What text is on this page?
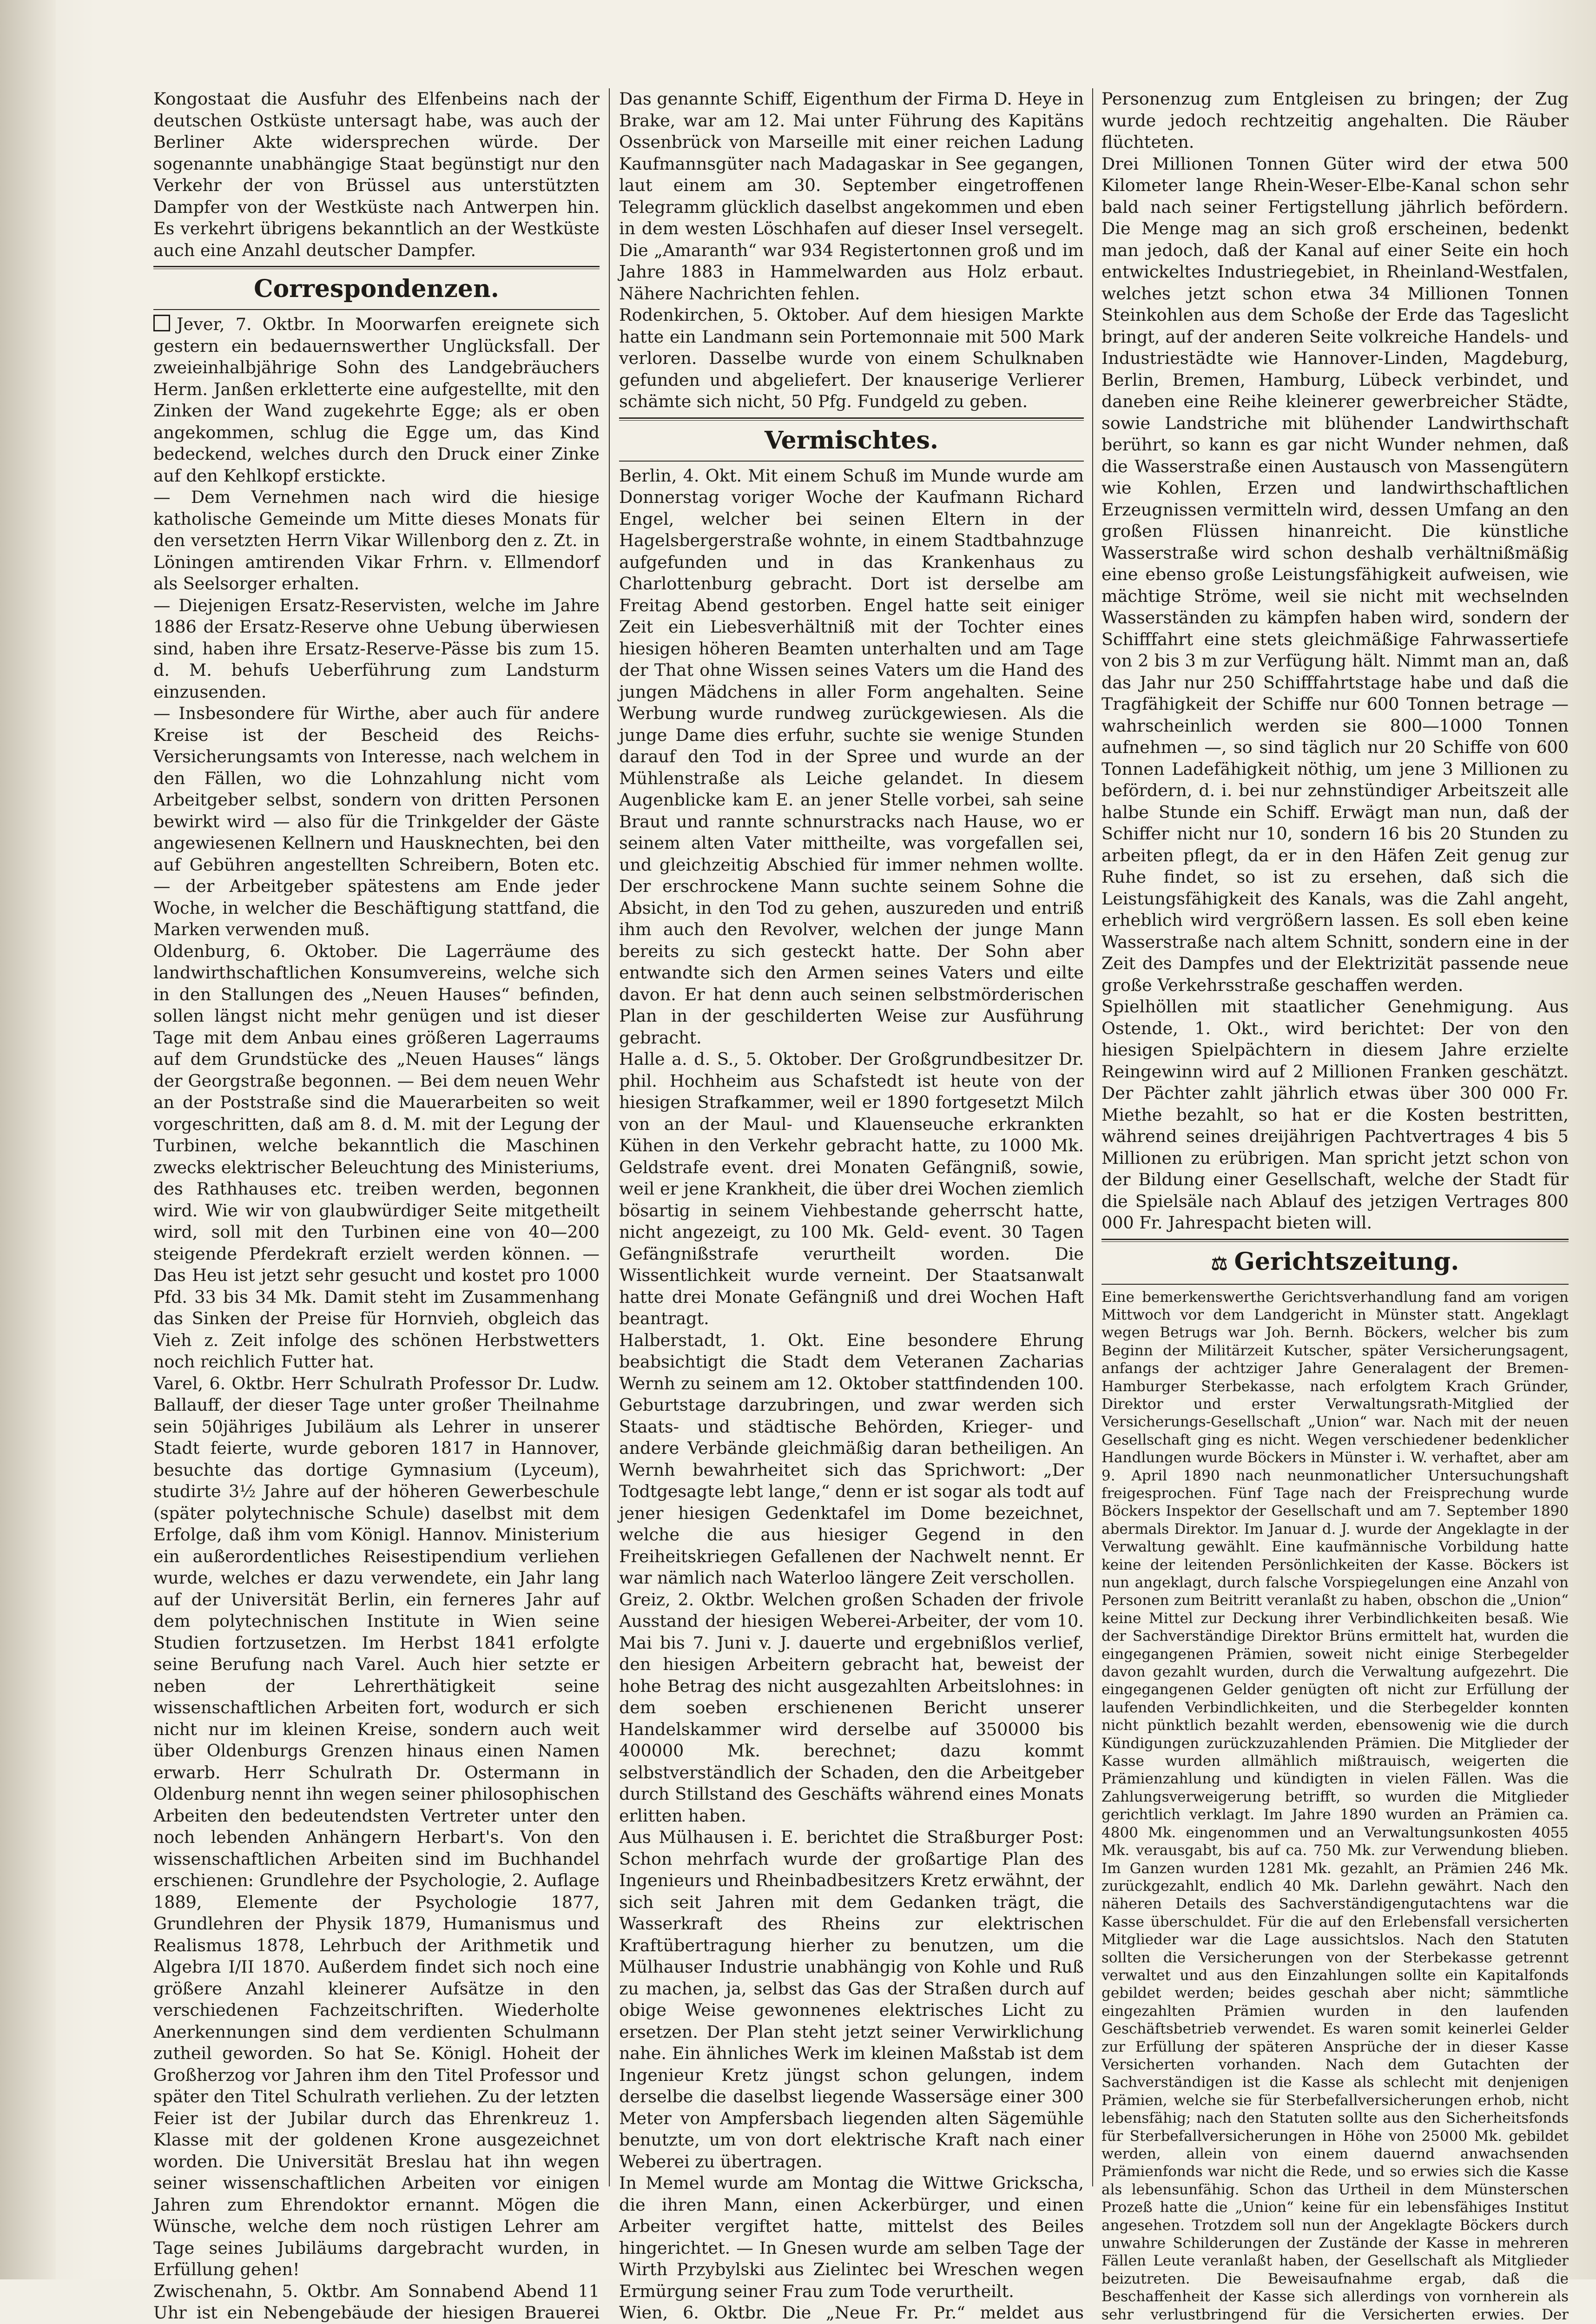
Kongostaat die Ausfuhr des Elfenbeins nach der deutschen Ostküste untersagt habe, was auch der Berliner Akte widersprechen würde. Der sogenannte unabhängige Staat begünstigt nur den Verkehr der von Brüssel aus unterstützten Dampfer von der Westküste nach Antwerpen hin. Es verkehrt übrigens bekanntlich an der Westküste auch eine Anzahl deutscher Dampfer.

Correspondenzen.

Jever, 7. Oktbr. In Moorwarfen ereignete sich gestern ein bedauernswerther Unglücksfall. Der zweieinhalbjährige Sohn des Landgebräuchers Herm. Janßen erkletterte eine aufgestellte, mit den Zinken der Wand zugekehrte Egge; als er oben angekommen, schlug die Egge um, das Kind bedeckend, welches durch den Druck einer Zinke auf den Kehlkopf erstickte.

— Dem Vernehmen nach wird die hiesige katholische Gemeinde um Mitte dieses Monats für den versetzten Herrn Vikar Willenborg den z. Zt. in Löningen amtirenden Vikar Frhrn. v. Ellmendorf als Seelsorger erhalten.

— Diejenigen Ersatz-Reservisten, welche im Jahre 1886 der Ersatz-Reserve ohne Uebung überwiesen sind, haben ihre Ersatz-Reserve-Pässe bis zum 15. d. M. behufs Ueberführung zum Landsturm einzusenden.

— Insbesondere für Wirthe, aber auch für andere Kreise ist der Bescheid des Reichs-Versicherungsamts von Interesse, nach welchem in den Fällen, wo die Lohnzahlung nicht vom Arbeitgeber selbst, sondern von dritten Personen bewirkt wird — also für die Trinkgelder der Gäste angewiesenen Kellnern und Hausknechten, bei den auf Gebühren angestellten Schreibern, Boten etc. — der Arbeitgeber spätestens am Ende jeder Woche, in welcher die Beschäftigung stattfand, die Marken verwenden muß.

Oldenburg, 6. Oktober. Die Lagerräume des landwirthschaftlichen Konsumvereins, welche sich in den Stallungen des „Neuen Hauses“ befinden, sollen längst nicht mehr genügen und ist dieser Tage mit dem Anbau eines größeren Lagerraums auf dem Grundstücke des „Neuen Hauses“ längs der Georgstraße begonnen. — Bei dem neuen Wehr an der Poststraße sind die Mauerarbeiten so weit vorgeschritten, daß am 8. d. M. mit der Legung der Turbinen, welche bekanntlich die Maschinen zwecks elektrischer Beleuchtung des Ministeriums, des Rathhauses etc. treiben werden, begonnen wird. Wie wir von glaubwürdiger Seite mitgetheilt wird, soll mit den Turbinen eine von 40—200 steigende Pferdekraft erzielt werden können. — Das Heu ist jetzt sehr gesucht und kostet pro 1000 Pfd. 33 bis 34 Mk. Damit steht im Zusammenhang das Sinken der Preise für Hornvieh, obgleich das Vieh z. Zeit infolge des schönen Herbstwetters noch reichlich Futter hat.

Varel, 6. Oktbr. Herr Schulrath Professor Dr. Ludw. Ballauff, der dieser Tage unter großer Theilnahme sein 50jähriges Jubiläum als Lehrer in unserer Stadt feierte, wurde geboren 1817 in Hannover, besuchte das dortige Gymnasium (Lyceum), studirte 3½ Jahre auf der höheren Gewerbeschule (später polytechnische Schule) daselbst mit dem Erfolge, daß ihm vom Königl. Hannov. Ministerium ein außerordentliches Reisestipendium verliehen wurde, welches er dazu verwendete, ein Jahr lang auf der Universität Berlin, ein ferneres Jahr auf dem polytechnischen Institute in Wien seine Studien fortzusetzen. Im Herbst 1841 erfolgte seine Berufung nach Varel. Auch hier setzte er neben der Lehrerthätigkeit seine wissenschaftlichen Arbeiten fort, wodurch er sich nicht nur im kleinen Kreise, sondern auch weit über Oldenburgs Grenzen hinaus einen Namen erwarb. Herr Schulrath Dr. Ostermann in Oldenburg nennt ihn wegen seiner philosophischen Arbeiten den bedeutendsten Vertreter unter den noch lebenden Anhängern Herbart's. Von den wissenschaftlichen Arbeiten sind im Buchhandel erschienen: Grundlehre der Psychologie, 2. Auflage 1889, Elemente der Psychologie 1877, Grundlehren der Physik 1879, Humanismus und Realismus 1878, Lehrbuch der Arithmetik und Algebra I/II 1870. Außerdem findet sich noch eine größere Anzahl kleinerer Aufsätze in den verschiedenen Fachzeitschriften. Wiederholte Anerkennungen sind dem verdienten Schulmann zutheil geworden. So hat Se. Königl. Hoheit der Großherzog vor Jahren ihm den Titel Professor und später den Titel Schulrath verliehen. Zu der letzten Feier ist der Jubilar durch das Ehrenkreuz 1. Klasse mit der goldenen Krone ausgezeichnet worden. Die Universität Breslau hat ihn wegen seiner wissenschaftlichen Arbeiten vor einigen Jahren zum Ehrendoktor ernannt. Mögen die Wünsche, welche dem noch rüstigen Lehrer am Tage seines Jubiläums dargebracht wurden, in Erfüllung gehen!

Zwischenahn, 5. Oktbr. Am Sonnabend Abend 11 Uhr ist ein Nebengebäude der hiesigen Brauerei

Das genannte Schiff, Eigenthum der Firma D. Heye in Brake, war am 12. Mai unter Führung des Kapitäns Ossenbrück von Marseille mit einer reichen Ladung Kaufmannsgüter nach Madagaskar in See gegangen, laut einem am 30. September eingetroffenen Telegramm glücklich daselbst angekommen und eben in dem westen Löschhafen auf dieser Insel versegelt. Die „Amaranth“ war 934 Registertonnen groß und im Jahre 1883 in Hammelwarden aus Holz erbaut. Nähere Nachrichten fehlen.

Rodenkirchen, 5. Oktober. Auf dem hiesigen Markte hatte ein Landmann sein Portemonnaie mit 500 Mark verloren. Dasselbe wurde von einem Schulknaben gefunden und abgeliefert. Der knauserige Verlierer schämte sich nicht, 50 Pfg. Fundgeld zu geben.

Vermischtes.

Berlin, 4. Okt. Mit einem Schuß im Munde wurde am Donnerstag voriger Woche der Kaufmann Richard Engel, welcher bei seinen Eltern in der Hagelsbergerstraße wohnte, in einem Stadtbahnzuge aufgefunden und in das Krankenhaus zu Charlottenburg gebracht. Dort ist derselbe am Freitag Abend gestorben. Engel hatte seit einiger Zeit ein Liebesverhältniß mit der Tochter eines hiesigen höheren Beamten unterhalten und am Tage der That ohne Wissen seines Vaters um die Hand des jungen Mädchens in aller Form angehalten. Seine Werbung wurde rundweg zurückgewiesen. Als die junge Dame dies erfuhr, suchte sie wenige Stunden darauf den Tod in der Spree und wurde an der Mühlenstraße als Leiche gelandet. In diesem Augenblicke kam E. an jener Stelle vorbei, sah seine Braut und rannte schnurstracks nach Hause, wo er seinem alten Vater mittheilte, was vorgefallen sei, und gleichzeitig Abschied für immer nehmen wollte. Der erschrockene Mann suchte seinem Sohne die Absicht, in den Tod zu gehen, auszureden und entriß ihm auch den Revolver, welchen der junge Mann bereits zu sich gesteckt hatte. Der Sohn aber entwandte sich den Armen seines Vaters und eilte davon. Er hat denn auch seinen selbstmörderischen Plan in der geschilderten Weise zur Ausführung gebracht.

Halle a. d. S., 5. Oktober. Der Großgrundbesitzer Dr. phil. Hochheim aus Schafstedt ist heute von der hiesigen Strafkammer, weil er 1890 fortgesetzt Milch von an der Maul- und Klauenseuche erkrankten Kühen in den Verkehr gebracht hatte, zu 1000 Mk. Geldstrafe event. drei Monaten Gefängniß, sowie, weil er jene Krankheit, die über drei Wochen ziemlich bösartig in seinem Viehbestande geherrscht hatte, nicht angezeigt, zu 100 Mk. Geld- event. 30 Tagen Gefängnißstrafe verurtheilt worden. Die Wissentlichkeit wurde verneint. Der Staatsanwalt hatte drei Monate Gefängniß und drei Wochen Haft beantragt.

Halberstadt, 1. Okt. Eine besondere Ehrung beabsichtigt die Stadt dem Veteranen Zacharias Wernh zu seinem am 12. Oktober stattfindenden 100. Geburtstage darzubringen, und zwar werden sich Staats- und städtische Behörden, Krieger- und andere Verbände gleichmäßig daran betheiligen. An Wernh bewahrheitet sich das Sprichwort: „Der Todtgesagte lebt lange,“ denn er ist sogar als todt auf jener hiesigen Gedenktafel im Dome bezeichnet, welche die aus hiesiger Gegend in den Freiheitskriegen Gefallenen der Nachwelt nennt. Er war nämlich nach Waterloo längere Zeit verschollen.

Greiz, 2. Oktbr. Welchen großen Schaden der frivole Ausstand der hiesigen Weberei-Arbeiter, der vom 10. Mai bis 7. Juni v. J. dauerte und ergebnißlos verlief, den hiesigen Arbeitern gebracht hat, beweist der hohe Betrag des nicht ausgezahlten Arbeitslohnes: in dem soeben erschienenen Bericht unserer Handelskammer wird derselbe auf 350000 bis 400000 Mk. berechnet; dazu kommt selbstverständlich der Schaden, den die Arbeitgeber durch Stillstand des Geschäfts während eines Monats erlitten haben.

Aus Mülhausen i. E. berichtet die Straßburger Post: Schon mehrfach wurde der großartige Plan des Ingenieurs und Rheinbadbesitzers Kretz erwähnt, der sich seit Jahren mit dem Gedanken trägt, die Wasserkraft des Rheins zur elektrischen Kraftübertragung hierher zu benutzen, um die Mülhauser Industrie unabhängig von Kohle und Ruß zu machen, ja, selbst das Gas der Straßen durch auf obige Weise gewonnenes elektrisches Licht zu ersetzen. Der Plan steht jetzt seiner Verwirklichung nahe. Ein ähnliches Werk im kleinen Maßstab ist dem Ingenieur Kretz jüngst schon gelungen, indem derselbe die daselbst liegende Wassersäge einer 300 Meter von Ampfersbach liegenden alten Sägemühle benutzte, um von dort elektrische Kraft nach einer Weberei zu übertragen.

In Memel wurde am Montag die Wittwe Grickscha, die ihren Mann, einen Ackerbürger, und einen Arbeiter vergiftet hatte, mittelst des Beiles hingerichtet. — In Gnesen wurde am selben Tage der Wirth Przybylski aus Zielintec bei Wreschen wegen Ermürgung seiner Frau zum Tode verurtheilt.

Wien, 6. Oktbr. Die „Neue Fr. Pr.“ meldet aus

Personenzug zum Entgleisen zu bringen; der Zug wurde jedoch rechtzeitig angehalten. Die Räuber flüchteten.

Drei Millionen Tonnen Güter wird der etwa 500 Kilometer lange Rhein-Weser-Elbe-Kanal schon sehr bald nach seiner Fertigstellung jährlich befördern. Die Menge mag an sich groß erscheinen, bedenkt man jedoch, daß der Kanal auf einer Seite ein hoch entwickeltes Industriegebiet, in Rheinland-Westfalen, welches jetzt schon etwa 34 Millionen Tonnen Steinkohlen aus dem Schoße der Erde das Tageslicht bringt, auf der anderen Seite volkreiche Handels- und Industriestädte wie Hannover-Linden, Magdeburg, Berlin, Bremen, Hamburg, Lübeck verbindet, und daneben eine Reihe kleinerer gewerbreicher Städte, sowie Landstriche mit blühender Landwirthschaft berührt, so kann es gar nicht Wunder nehmen, daß die Wasserstraße einen Austausch von Massengütern wie Kohlen, Erzen und landwirthschaftlichen Erzeugnissen vermitteln wird, dessen Umfang an den großen Flüssen hinanreicht. Die künstliche Wasserstraße wird schon deshalb verhältnißmäßig eine ebenso große Leistungsfähigkeit aufweisen, wie mächtige Ströme, weil sie nicht mit wechselnden Wasserständen zu kämpfen haben wird, sondern der Schifffahrt eine stets gleichmäßige Fahrwassertiefe von 2 bis 3 m zur Verfügung hält. Nimmt man an, daß das Jahr nur 250 Schifffahrtstage habe und daß die Tragfähigkeit der Schiffe nur 600 Tonnen betrage — wahrscheinlich werden sie 800—1000 Tonnen aufnehmen —, so sind täglich nur 20 Schiffe von 600 Tonnen Ladefähigkeit nöthig, um jene 3 Millionen zu befördern, d. i. bei nur zehnstündiger Arbeitszeit alle halbe Stunde ein Schiff. Erwägt man nun, daß der Schiffer nicht nur 10, sondern 16 bis 20 Stunden zu arbeiten pflegt, da er in den Häfen Zeit genug zur Ruhe findet, so ist zu ersehen, daß sich die Leistungsfähigkeit des Kanals, was die Zahl angeht, erheblich wird vergrößern lassen. Es soll eben keine Wasserstraße nach altem Schnitt, sondern eine in der Zeit des Dampfes und der Elektrizität passende neue große Verkehrsstraße geschaffen werden.

Spielhöllen mit staatlicher Genehmigung. Aus Ostende, 1. Okt., wird berichtet: Der von den hiesigen Spielpächtern in diesem Jahre erzielte Reingewinn wird auf 2 Millionen Franken geschätzt. Der Pächter zahlt jährlich etwas über 300 000 Fr. Miethe bezahlt, so hat er die Kosten bestritten, während seines dreijährigen Pachtvertrages 4 bis 5 Millionen zu erübrigen. Man spricht jetzt schon von der Bildung einer Gesellschaft, welche der Stadt für die Spielsäle nach Ablauf des jetzigen Vertrages 800 000 Fr. Jahrespacht bieten will.

⚖ Gerichtszeitung.

Eine bemerkenswerthe Gerichtsverhandlung fand am vorigen Mittwoch vor dem Landgericht in Münster statt. Angeklagt wegen Betrugs war Joh. Bernh. Böckers, welcher bis zum Beginn der Militärzeit Kutscher, später Versicherungsagent, anfangs der achtziger Jahre Generalagent der Bremen-Hamburger Sterbekasse, nach erfolgtem Krach Gründer, Direktor und erster Verwaltungsrath-Mitglied der Versicherungs-Gesellschaft „Union“ war. Nach mit der neuen Gesellschaft ging es nicht. Wegen verschiedener bedenklicher Handlungen wurde Böckers in Münster i. W. verhaftet, aber am 9. April 1890 nach neunmonatlicher Untersuchungshaft freigesprochen. Fünf Tage nach der Freisprechung wurde Böckers Inspektor der Gesellschaft und am 7. September 1890 abermals Direktor. Im Januar d. J. wurde der Angeklagte in der Verwaltung gewählt. Eine kaufmännische Vorbildung hatte keine der leitenden Persönlichkeiten der Kasse. Böckers ist nun angeklagt, durch falsche Vorspiegelungen eine Anzahl von Personen zum Beitritt veranlaßt zu haben, obschon die „Union“ keine Mittel zur Deckung ihrer Verbindlichkeiten besaß. Wie der Sachverständige Direktor Brüns ermittelt hat, wurden die eingegangenen Prämien, soweit nicht einige Sterbegelder davon gezahlt wurden, durch die Verwaltung aufgezehrt. Die eingegangenen Gelder genügten oft nicht zur Erfüllung der laufenden Verbindlichkeiten, und die Sterbegelder konnten nicht pünktlich bezahlt werden, ebensowenig wie die durch Kündigungen zurückzuzahlenden Prämien. Die Mitglieder der Kasse wurden allmählich mißtrauisch, weigerten die Prämienzahlung und kündigten in vielen Fällen. Was die Zahlungsverweigerung betrifft, so wurden die Mitglieder gerichtlich verklagt. Im Jahre 1890 wurden an Prämien ca. 4800 Mk. eingenommen und an Verwaltungsunkosten 4055 Mk. verausgabt, bis auf ca. 750 Mk. zur Verwendung blieben. Im Ganzen wurden 1281 Mk. gezahlt, an Prämien 246 Mk. zurückgezahlt, endlich 40 Mk. Darlehn gewährt. Nach den näheren Details des Sachverständigengutachtens war die Kasse überschuldet. Für die auf den Erlebensfall versicherten Mitglieder war die Lage aussichtslos. Nach den Statuten sollten die Versicherungen von der Sterbekasse getrennt verwaltet und aus den Einzahlungen sollte ein Kapitalfonds gebildet werden; beides geschah aber nicht; sämmtliche eingezahlten Prämien wurden in den laufenden Geschäftsbetrieb verwendet. Es waren somit keinerlei Gelder zur Erfüllung der späteren Ansprüche der in dieser Kasse Versicherten vorhanden. Nach dem Gutachten der Sachverständigen ist die Kasse als schlecht mit denjenigen Prämien, welche sie für Sterbefallversicherungen erhob, nicht lebensfähig; nach den Statuten sollte aus den Sicherheitsfonds für Sterbefallversicherungen in Höhe von 25000 Mk. gebildet werden, allein von einem dauernd anwachsenden Prämienfonds war nicht die Rede, und so erwies sich die Kasse als lebensunfähig. Schon das Urtheil in dem Münsterschen Prozeß hatte die „Union“ keine für ein lebensfähiges Institut angesehen. Trotzdem soll nun der Angeklagte Böckers durch unwahre Schilderungen der Zustände der Kasse in mehreren Fällen Leute veranlaßt haben, der Gesellschaft als Mitglieder beizutreten. Die Beweisaufnahme ergab, daß die Beschaffenheit der Kasse sich allerdings von vornherein als sehr verlustbringend für die Versicherten erwies. Der
